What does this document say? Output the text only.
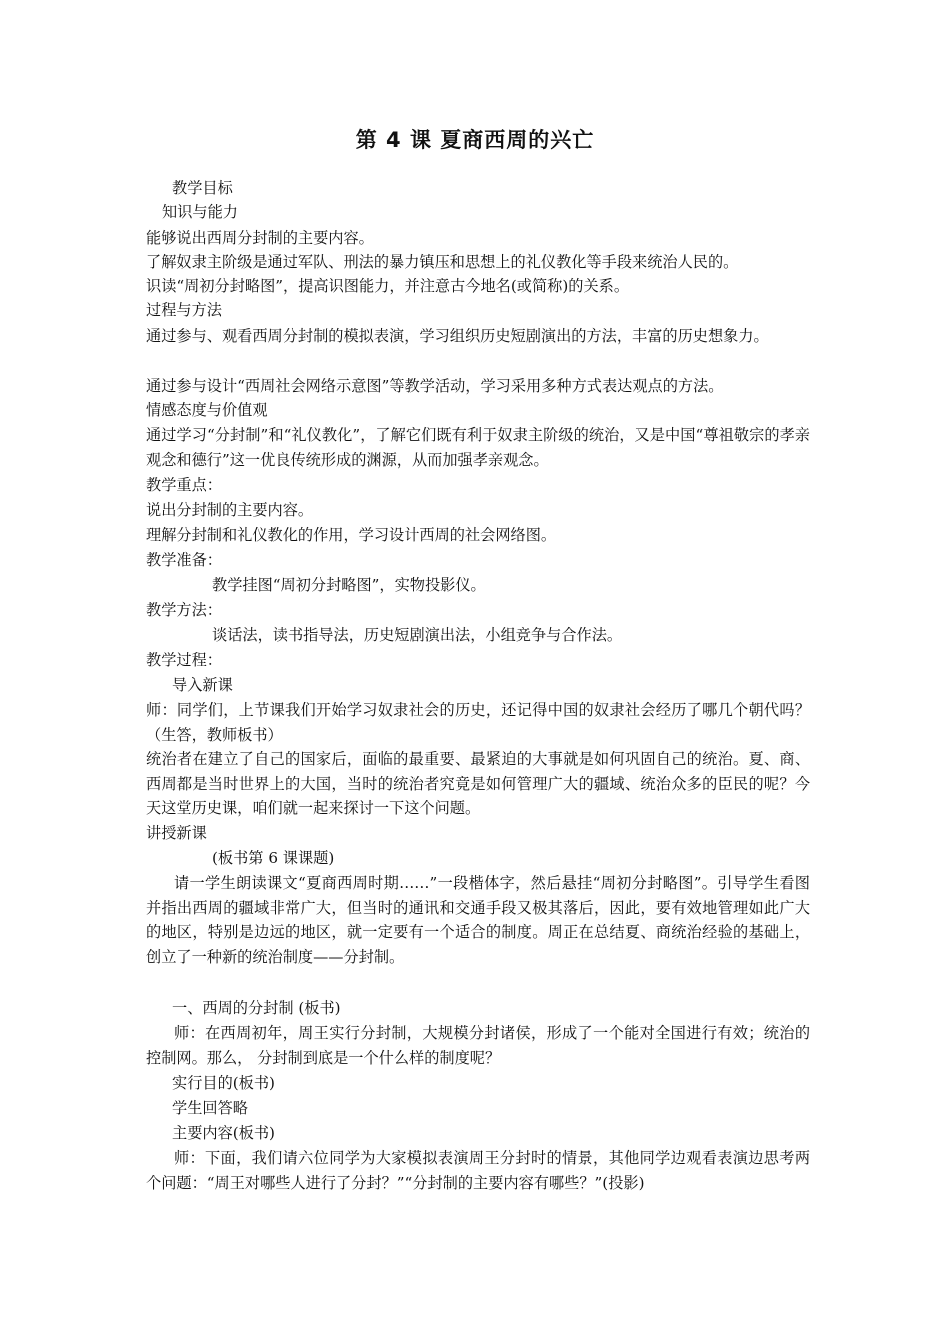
第 4 课 夏商西周的兴亡
教学目标
知识与能力
能够说出西周分封制的主要内容。
了解奴隶主阶级是通过军队、刑法的暴力镇压和思想上的礼仪教化等手段来统治人民的。
识读“周初分封略图”，提高识图能力，并注意古今地名(或简称)的关系。
过程与方法
通过参与、观看西周分封制的模拟表演，学习组织历史短剧演出的方法，丰富的历史想象力。
通过参与设计“西周社会网络示意图”等教学活动，学习采用多种方式表达观点的方法。
情感态度与价值观
通过学习“分封制”和“礼仪教化”，了解它们既有利于奴隶主阶级的统治，又是中国“尊祖敬宗的孝亲观念和德行”这一优良传统形成的渊源，从而加强孝亲观念。
教学重点：
说出分封制的主要内容。
理解分封制和礼仪教化的作用，学习设计西周的社会网络图。
教学准备：
教学挂图“周初分封略图”，实物投影仪。
教学方法：
谈话法，读书指导法，历史短剧演出法，小组竞争与合作法。
教学过程：
导入新课
师：同学们，上节课我们开始学习奴隶社会的历史，还记得中国的奴隶社会经历了哪几个朝代吗？（生答，教师板书）
统治者在建立了自己的国家后，面临的最重要、最紧迫的大事就是如何巩固自己的统治。夏、商、西周都是当时世界上的大国，当时的统治者究竟是如何管理广大的疆域、统治众多的臣民的呢？今天这堂历史课，咱们就一起来探讨一下这个问题。
讲授新课
(板书第 6 课课题)
请一学生朗读课文“夏商西周时期……”一段楷体字，然后悬挂“周初分封略图”。引导学生看图并指出西周的疆域非常广大，但当时的通讯和交通手段又极其落后，因此，要有效地管理如此广大的地区，特别是边远的地区，就一定要有一个适合的制度。周正在总结夏、商统治经验的基础上，创立了一种新的统治制度——分封制。
一、西周的分封制 (板书)
师：在西周初年，周王实行分封制，大规模分封诸侯，形成了一个能对全国进行有效；统治的控制网。那么， 分封制到底是一个什么样的制度呢？
实行目的(板书)
学生回答略
主要内容(板书)
师：下面，我们请六位同学为大家模拟表演周王分封时的情景，其他同学边观看表演边思考两个问题：“周王对哪些人进行了分封？”“分封制的主要内容有哪些？”(投影)
